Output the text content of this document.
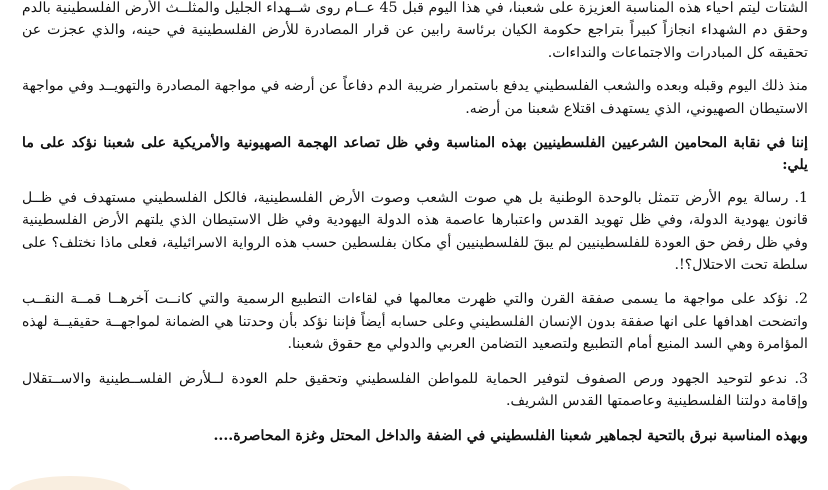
الشتات ليتم احياء هذه المناسبة العزيزة على شعبنا، في هذا اليوم قبل 45 عــام روى شــهداء الجليل والمثلــث الأرض الفلسطينية بالدم وحقق دم الشهداء انجازاً كبيراً بتراجع حكومة الكيان برئاسة رابين عن قرار المصادرة للأرض الفلسطينية في حينه، والذي عجزت عن تحقيقه كل المبادرات والاجتماعات والنداءات.

منذ ذلك اليوم وقبله وبعده والشعب الفلسطيني يدفع باستمرار ضريبة الدم دفاعاً عن أرضه في مواجهة المصادرة والتهويــد وفي مواجهة الاستيطان الصهيوني، الذي يستهدف اقتلاع شعبنا من أرضه.

إننا في نقابة المحامين الشرعيين الفلسطينيين بهذه المناسبة وفي ظل تصاعد الهجمة الصهيونية والأمريكية على شعبنا نؤكد على ما يلي:

1. رسالة يوم الأرض تتمثل بالوحدة الوطنية بل هي صوت الشعب وصوت الأرض الفلسطينية، فالكل الفلسطيني مستهدف في ظــل قانون يهودية الدولة، وفي ظل تهويد القدس واعتبارها عاصمة هذه الدولة اليهودية وفي ظل الاستيطان الذي يلتهم الأرض الفلسطينية وفي ظل رفض حق العودة للفلسطينيين لم يبقَ للفلسطينيين أي مكان بفلسطين حسب هذه الرواية الاسرائيلية، فعلى ماذا نختلف؟ على سلطة تحت الاحتلال؟!.

2. نؤكد على مواجهة ما يسمى صفقة القرن والتي ظهرت معالمها في لقاءات التطبيع الرسمية والتي كانــت آخرهــا قمــة النقــب واتضحت اهدافها على انها صفقة بدون الإنسان الفلسطيني وعلى حسابه أيضاً فإننا نؤكد بأن وحدتنا هي الضمانة لمواجهــة حقيقيــة لهذه المؤامرة وهي السد المنيع أمام التطبيع ولتصعيد التضامن العربي والدولي مع حقوق شعبنا.

3. ندعو لتوحيد الجهود ورص الصفوف لتوفير الحماية للمواطن الفلسطيني وتحقيق حلم العودة لــلأرض الفلســطينية والاســتقلال وإقامة دولتنا الفلسطينية وعاصمتها القدس الشريف.

وبهذه المناسبة نبرق بالتحية لجماهير شعبنا الفلسطيني في الضفة والداخل المحتل وغزة المحاصرة....
